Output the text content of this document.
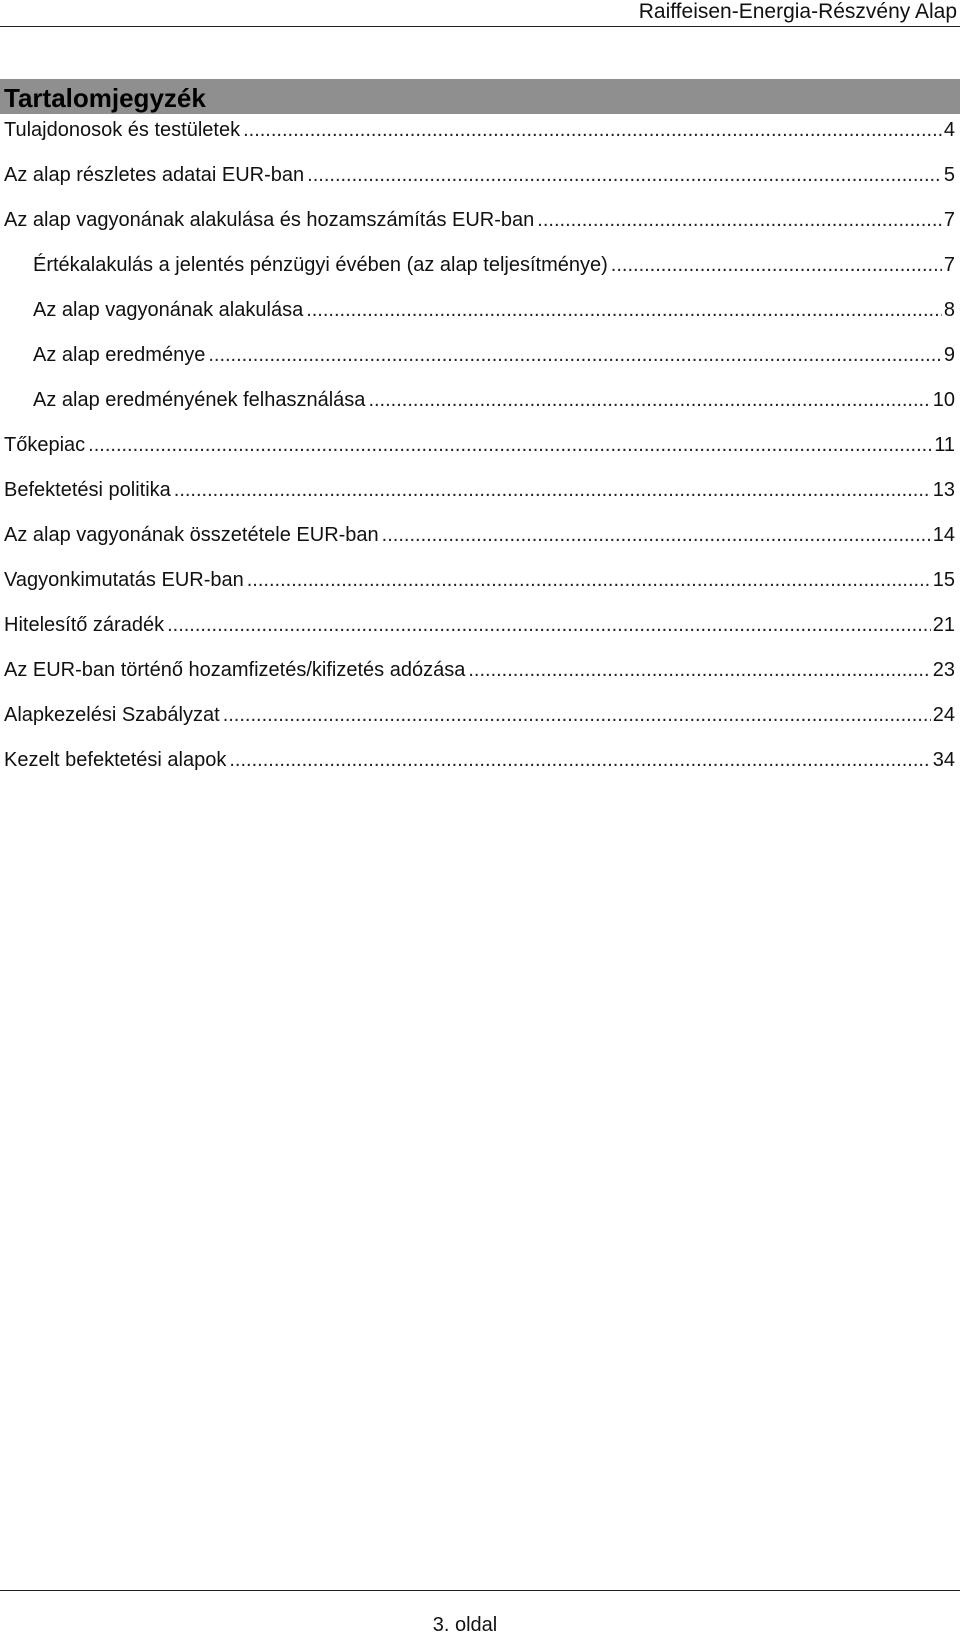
Raiffeisen-Energia-Részvény Alap
Tartalomjegyzék
Tulajdonosok és testületek .....	4
Az alap részletes adatai EUR-ban .....	5
Az alap vagyonának alakulása és hozamszámítás EUR-ban .....	7
Értékalakulás a jelentés pénzügyi évében (az alap teljesítménye) .....	7
Az alap vagyonának alakulása .....	8
Az alap eredménye .....	9
Az alap eredményének felhasználása .....	10
Tőkepiac .....	11
Befektetési politika .....	13
Az alap vagyonának összetétele EUR-ban .....	14
Vagyonkimutatás EUR-ban .....	15
Hitelesítő záradék .....	21
Az EUR-ban történő hozamfizetés/kifizetés adózása .....	23
Alapkezelési Szabályzat .....	24
Kezelt befektetési alapok .....	34
3. oldal
